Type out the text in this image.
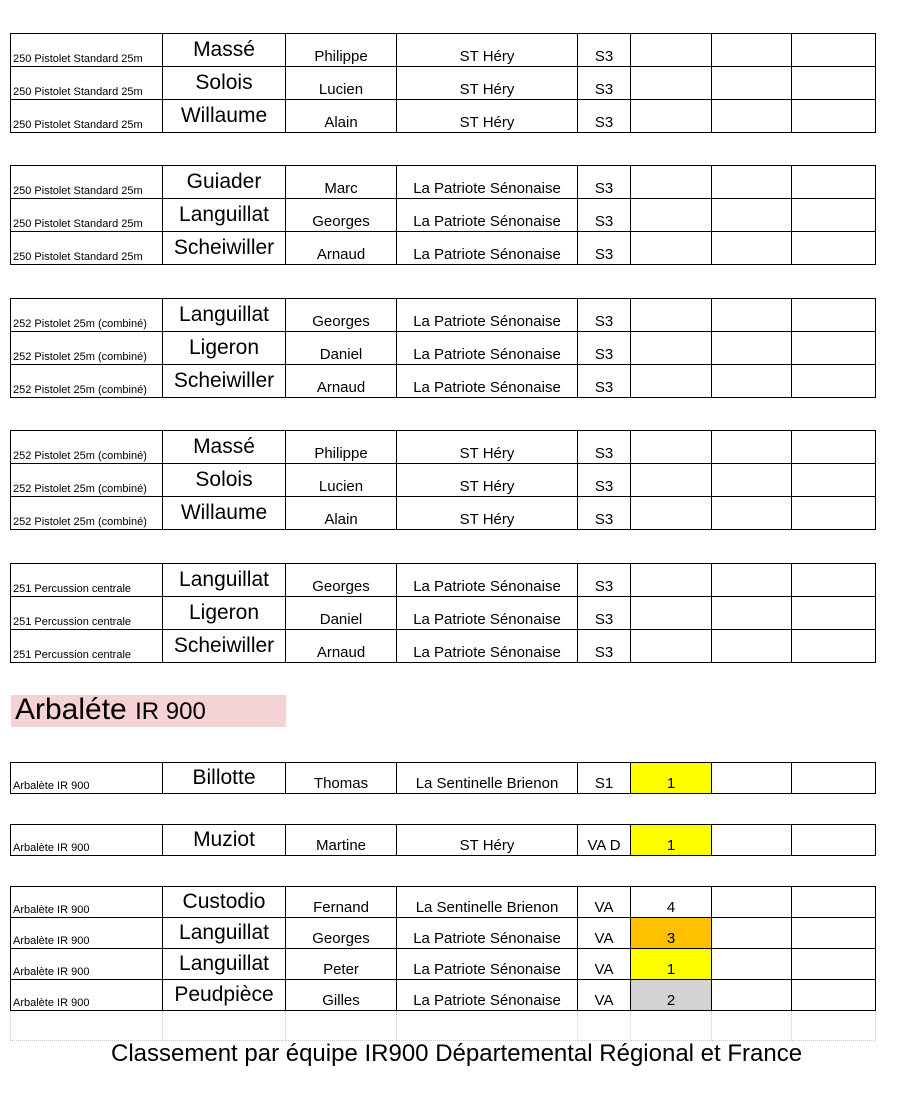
250 Pistolet Standard 25m	Massé	Philippe	ST Héry	S3			
250 Pistolet Standard 25m	Solois	Lucien	ST Héry	S3			
250 Pistolet Standard 25m	Willaume	Alain	ST Héry	S3			
250 Pistolet Standard 25m	Guiader	Marc	La Patriote Sénonaise	S3			
250 Pistolet Standard 25m	Languillat	Georges	La Patriote Sénonaise	S3			
250 Pistolet Standard 25m	Scheiwiller	Arnaud	La Patriote Sénonaise	S3			
252 Pistolet 25m (combiné)	Languillat	Georges	La Patriote Sénonaise	S3			
252 Pistolet 25m (combiné)	Ligeron	Daniel	La Patriote Sénonaise	S3			
252 Pistolet 25m (combiné)	Scheiwiller	Arnaud	La Patriote Sénonaise	S3			
252 Pistolet 25m (combiné)	Massé	Philippe	ST Héry	S3			
252 Pistolet 25m (combiné)	Solois	Lucien	ST Héry	S3			
252 Pistolet 25m (combiné)	Willaume	Alain	ST Héry	S3			
251 Percussion centrale	Languillat	Georges	La Patriote Sénonaise	S3			
251 Percussion centrale	Ligeron	Daniel	La Patriote Sénonaise	S3			
251 Percussion centrale	Scheiwiller	Arnaud	La Patriote Sénonaise	S3			
Arbalète IR 900	Billotte	Thomas	La Sentinelle Brienon	S1	1		
Arbalète IR 900	Muziot	Martine	ST Héry	VA D	1		
Arbalète IR 900	Custodio	Fernand	La Sentinelle Brienon	VA	4		
Arbalète IR 900	Languillat	Georges	La Patriote Sénonaise	VA	3		
Arbalète IR 900	Languillat	Peter	La Patriote Sénonaise	VA	1		
Arbalète IR 900	Peudpièce	Gilles	La Patriote Sénonaise	VA	2		
Arbaléte IR 900

Classement par équipe IR900 Départemental Régional et France
